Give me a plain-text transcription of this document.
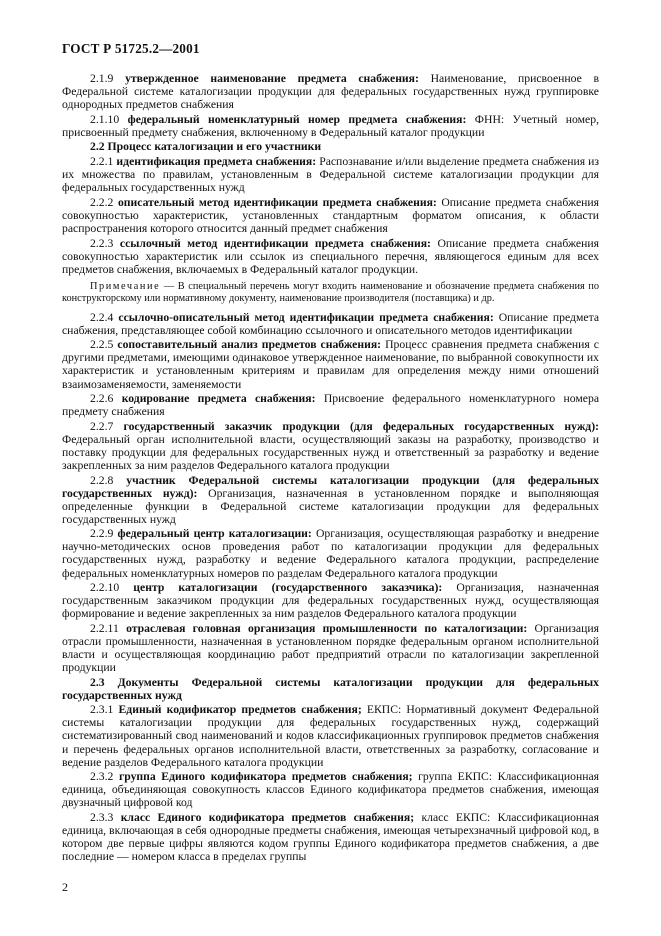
ГОСТ Р 51725.2—2001
2.1.9 утвержденное наименование предмета снабжения: Наименование, присвоенное в Федеральной системе каталогизации продукции для федеральных государственных нужд группировке однородных предметов снабжения
2.1.10 федеральный номенклатурный номер предмета снабжения: ФНН: Учетный номер, присвоенный предмету снабжения, включенному в Федеральный каталог продукции
2.2 Процесс каталогизации и его участники
2.2.1 идентификация предмета снабжения: Распознавание и/или выделение предмета снабжения из их множества по правилам, установленным в Федеральной системе каталогизации продукции для федеральных государственных нужд
2.2.2 описательный метод идентификации предмета снабжения: Описание предмета снабжения совокупностью характеристик, установленных стандартным форматом описания, к области распространения которого относится данный предмет снабжения
2.2.3 ссылочный метод идентификации предмета снабжения: Описание предмета снабжения совокупностью характеристик или ссылок из специального перечня, являющегося единым для всех предметов снабжения, включаемых в Федеральный каталог продукции.
Примечание — В специальный перечень могут входить наименование и обозначение предмета снабжения по конструкторскому или нормативному документу, наименование производителя (поставщика) и др.
2.2.4 ссылочно-описательный метод идентификации предмета снабжения: Описание предмета снабжения, представляющее собой комбинацию ссылочного и описательного методов идентификации
2.2.5 сопоставительный анализ предметов снабжения: Процесс сравнения предмета снабжения с другими предметами, имеющими одинаковое утвержденное наименование, по выбранной совокупности их характеристик и установленным критериям и правилам для определения между ними отношений взаимозаменяемости, заменяемости
2.2.6 кодирование предмета снабжения: Присвоение федерального номенклатурного номера предмету снабжения
2.2.7 государственный заказчик продукции (для федеральных государственных нужд): Федеральный орган исполнительной власти, осуществляющий заказы на разработку, производство и поставку продукции для федеральных государственных нужд и ответственный за разработку и ведение закрепленных за ним разделов Федерального каталога продукции
2.2.8 участник Федеральной системы каталогизации продукции (для федеральных государственных нужд): Организация, назначенная в установленном порядке и выполняющая определенные функции в Федеральной системе каталогизации продукции для федеральных государственных нужд
2.2.9 федеральный центр каталогизации: Организация, осуществляющая разработку и внедрение научно-методических основ проведения работ по каталогизации продукции для федеральных государственных нужд, разработку и ведение Федерального каталога продукции, распределение федеральных номенклатурных номеров по разделам Федерального каталога продукции
2.2.10 центр каталогизации (государственного заказчика): Организация, назначенная государственным заказчиком продукции для федеральных государственных нужд, осуществляющая формирование и ведение закрепленных за ним разделов Федерального каталога продукции
2.2.11 отраслевая головная организация промышленности по каталогизации: Организация отрасли промышленности, назначенная в установленном порядке федеральным органом исполнительной власти и осуществляющая координацию работ предприятий отрасли по каталогизации закрепленной продукции
2.3 Документы Федеральной системы каталогизации продукции для федеральных государственных нужд
2.3.1 Единый кодификатор предметов снабжения; ЕКПС: Нормативный документ Федеральной системы каталогизации продукции для федеральных государственных нужд, содержащий систематизированный свод наименований и кодов классификационных группировок предметов снабжения и перечень федеральных органов исполнительной власти, ответственных за разработку, согласование и ведение разделов Федерального каталога продукции
2.3.2 группа Единого кодификатора предметов снабжения; группа ЕКПС: Классификационная единица, объединяющая совокупность классов Единого кодификатора предметов снабжения, имеющая двузначный цифровой код
2.3.3 класс Единого кодификатора предметов снабжения; класс ЕКПС: Классификационная единица, включающая в себя однородные предметы снабжения, имеющая четырехзначный цифровой код, в котором две первые цифры являются кодом группы Единого кодификатора предметов снабжения, а две последние — номером класса в пределах группы
2
